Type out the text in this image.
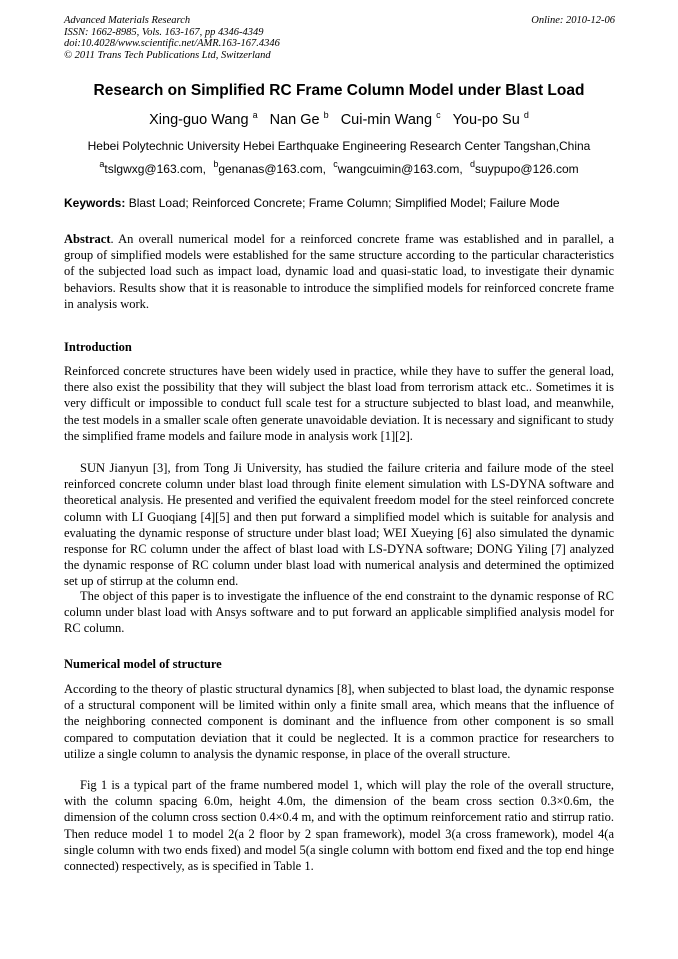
Advanced Materials Research
ISSN: 1662-8985, Vols. 163-167, pp 4346-4349
doi:10.4028/www.scientific.net/AMR.163-167.4346
© 2011 Trans Tech Publications Ltd, Switzerland
Online: 2010-12-06
Research on Simplified RC Frame Column Model under Blast Load
Xing-guo Wang $^a$ Nan Ge $^b$ Cui-min Wang $^c$ You-po Su $^d$
Hebei Polytechnic University Hebei Earthquake Engineering Research Center Tangshan,China
$^a$tslgwxg@163.com, $^b$genanas@163.com, $^c$wangcuimin@163.com, $^d$suypupo@126.com
Keywords: Blast Load; Reinforced Concrete; Frame Column; Simplified Model; Failure Mode
Abstract. An overall numerical model for a reinforced concrete frame was established and in parallel, a group of simplified models were established for the same structure according to the particular characteristics of the subjected load such as impact load, dynamic load and quasi-static load, to investigate their dynamic behaviors. Results show that it is reasonable to introduce the simplified models for reinforced concrete frame in analysis work.
Introduction
Reinforced concrete structures have been widely used in practice, while they have to suffer the general load, there also exist the possibility that they will subject the blast load from terrorism attack etc.. Sometimes it is very difficult or impossible to conduct full scale test for a structure subjected to blast load, and meanwhile, the test models in a smaller scale often generate unavoidable deviation. It is necessary and significant to study the simplified frame models and failure mode in analysis work [1][2].
SUN Jianyun [3], from Tong Ji University, has studied the failure criteria and failure mode of the steel reinforced concrete column under blast load through finite element simulation with LS-DYNA software and theoretical analysis. He presented and verified the equivalent freedom model for the steel reinforced concrete column with LI Guoqiang [4][5] and then put forward a simplified model which is suitable for analysis and evaluating the dynamic response of structure under blast load; WEI Xueying [6] also simulated the dynamic response for RC column under the affect of blast load with LS-DYNA software; DONG Yiling [7] analyzed the dynamic response of RC column under blast load with numerical analysis and determined the optimized set up of stirrup at the column end.
The object of this paper is to investigate the influence of the end constraint to the dynamic response of RC column under blast load with Ansys software and to put forward an applicable simplified analysis model for RC column.
Numerical model of structure
According to the theory of plastic structural dynamics [8], when subjected to blast load, the dynamic response of a structural component will be limited within only a finite small area, which means that the influence of the neighboring connected component is dominant and the influence from other component is so small compared to computation deviation that it could be neglected. It is a common practice for researchers to utilize a single column to analysis the dynamic response, in place of the overall structure.
Fig 1 is a typical part of the frame numbered model 1, which will play the role of the overall structure, with the column spacing 6.0m, height 4.0m, the dimension of the beam cross section 0.3×0.6m, the dimension of the column cross section 0.4×0.4 m, and with the optimum reinforcement ratio and stirrup ratio. Then reduce model 1 to model 2(a 2 floor by 2 span framework), model 3(a cross framework), model 4(a single column with two ends fixed) and model 5(a single column with bottom end fixed and the top end hinge connected) respectively, as is specified in Table 1.
